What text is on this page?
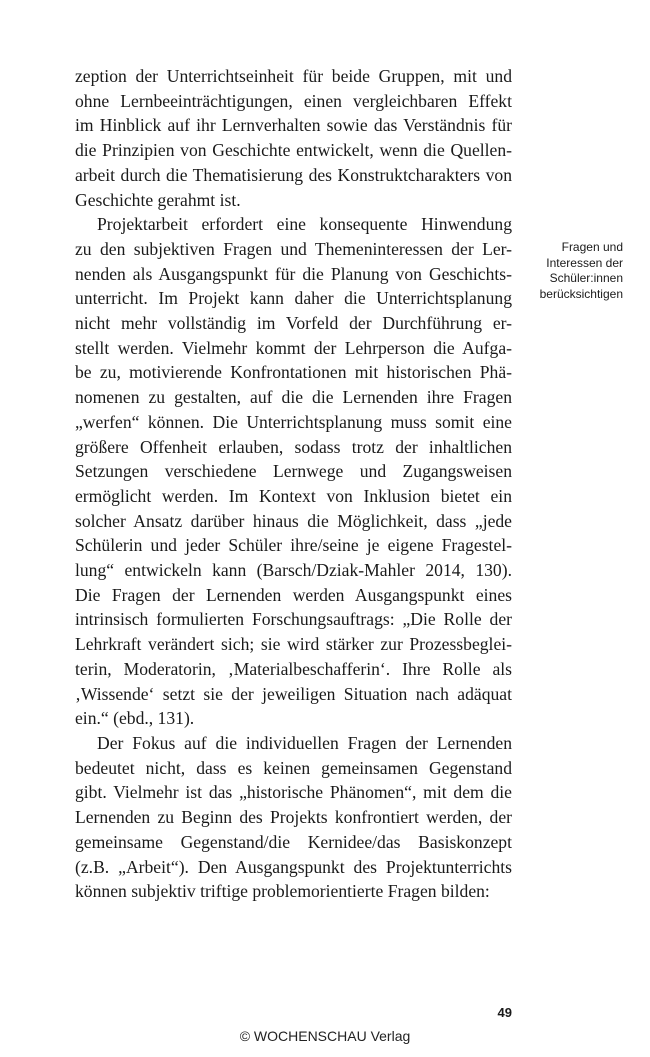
zeption der Unterrichtseinheit für beide Gruppen, mit und
ohne Lernbeeinträchtigungen, einen vergleichbaren Effekt
im Hinblick auf ihr Lernverhalten sowie das Verständnis für
die Prinzipien von Geschichte entwickelt, wenn die Quellen-
arbeit durch die Thematisierung des Konstruktcharakters von
Geschichte gerahmt ist.
Projektarbeit erfordert eine konsequente Hinwendung
zu den subjektiven Fragen und Themeninteressen der Ler-
nenden als Ausgangspunkt für die Planung von Geschichts-
unterricht. Im Projekt kann daher die Unterrichtsplanung
nicht mehr vollständig im Vorfeld der Durchführung er-
stellt werden. Vielmehr kommt der Lehrperson die Aufga-
be zu, motivierende Konfrontationen mit historischen Phä-
nomenen zu gestalten, auf die die Lernenden ihre Fragen
„werfen“ können. Die Unterrichtsplanung muss somit eine
größere Offenheit erlauben, sodass trotz der inhaltlichen
Setzungen verschiedene Lernwege und Zugangsweisen
ermöglicht werden. Im Kontext von Inklusion bietet ein
solcher Ansatz darüber hinaus die Möglichkeit, dass „jede
Schülerin und jeder Schüler ihre/seine je eigene Fragestel-
lung“ entwickeln kann (Barsch/Dziak-Mahler 2014, 130).
Die Fragen der Lernenden werden Ausgangspunkt eines
intrinsisch formulierten Forschungsauftrags: „Die Rolle der
Lehrkraft verändert sich; sie wird stärker zur Prozessbeglei-
terin, Moderatorin, ‚Materialbeschafferin‘. Ihre Rolle als
‚Wissende‘ setzt sie der jeweiligen Situation nach adäquat
ein.“ (ebd., 131).
Der Fokus auf die individuellen Fragen der Lernenden
bedeutet nicht, dass es keinen gemeinsamen Gegenstand
gibt. Vielmehr ist das „historische Phänomen“, mit dem die
Lernenden zu Beginn des Projekts konfrontiert werden, der
gemeinsame Gegenstand/die Kernidee/das Basiskonzept
(z.B. „Arbeit“). Den Ausgangspunkt des Projektunterrichts
können subjektiv triftige problemorientierte Fragen bilden:
Fragen und
Interessen der
Schüler:innen
berücksichtigen
49
© WOCHENSCHAU Verlag
